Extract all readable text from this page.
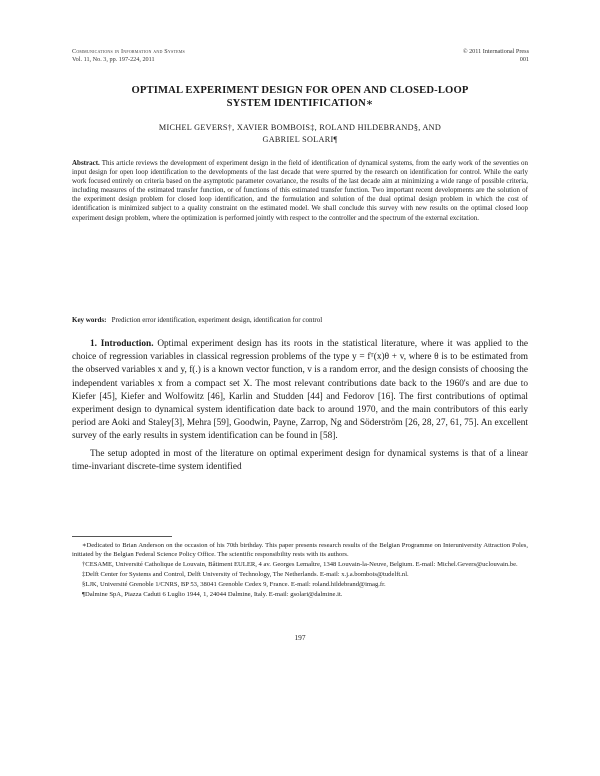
Communications in Information and Systems
Vol. 11, No. 3, pp. 197-224, 2011
© 2011 International Press
001
OPTIMAL EXPERIMENT DESIGN FOR OPEN AND CLOSED-LOOP
SYSTEM IDENTIFICATION∗
MICHEL GEVERS†, XAVIER BOMBOIS‡, ROLAND HILDEBRAND§, AND
GABRIEL SOLARI¶
Abstract. This article reviews the development of experiment design in the field of identification of dynamical systems, from the early work of the seventies on input design for open loop identification to the developments of the last decade that were spurred by the research on identification for control. While the early work focused entirely on criteria based on the asymptotic parameter covariance, the results of the last decade aim at minimizing a wide range of possible criteria, including measures of the estimated transfer function, or of functions of this estimated transfer function. Two important recent developments are the solution of the experiment design problem for closed loop identification, and the formulation and solution of the dual optimal design problem in which the cost of identification is minimized subject to a quality constraint on the estimated model. We shall conclude this survey with new results on the optimal closed loop experiment design problem, where the optimization is performed jointly with respect to the controller and the spectrum of the external excitation.
Key words: Prediction error identification, experiment design, identification for control

1. Introduction. Optimal experiment design has its roots in the statistical literature, where it was applied to the choice of regression variables in classical regression problems of the type y = fᵀ(x)θ + v, where θ is to be estimated from the observed variables x and y, f(.) is a known vector function, v is a random error, and the design consists of choosing the independent variables x from a compact set X. The most relevant contributions date back to the 1960's and are due to Kiefer [45], Kiefer and Wolfowitz [46], Karlin and Studden [44] and Fedorov [16]. The first contributions of optimal experiment design to dynamical system identification date back to around 1970, and the main contributors of this early period are Aoki and Staley[3], Mehra [59], Goodwin, Payne, Zarrop, Ng and Söderström [26, 28, 27, 61, 75]. An excellent survey of the early results in system identification can be found in [58].

The setup adopted in most of the literature on optimal experiment design for dynamical systems is that of a linear time-invariant discrete-time system identified

∗Dedicated to Brian Anderson on the occasion of his 70th birthday. This paper presents research results of the Belgian Programme on Interuniversity Attraction Poles, initiated by the Belgian Federal Science Policy Office. The scientific responsibility rests with its authors.

†CESAME, Université Catholique de Louvain, Bâtiment EULER, 4 av. Georges Lemaître, 1348 Louvain-la-Neuve, Belgium. E-mail: Michel.Gevers@uclouvain.be.

‡Delft Center for Systems and Control, Delft University of Technology, The Netherlands. E-mail: x.j.a.bombois@tudelft.nl.

§LJK, Université Grenoble 1/CNRS, BP 53, 38041 Grenoble Cedex 9, France. E-mail: roland.hildebrand@imag.fr.

¶Dalmine SpA, Piazza Caduti 6 Luglio 1944, 1, 24044 Dalmine, Italy. E-mail: gsolari@dalmine.it.

197
